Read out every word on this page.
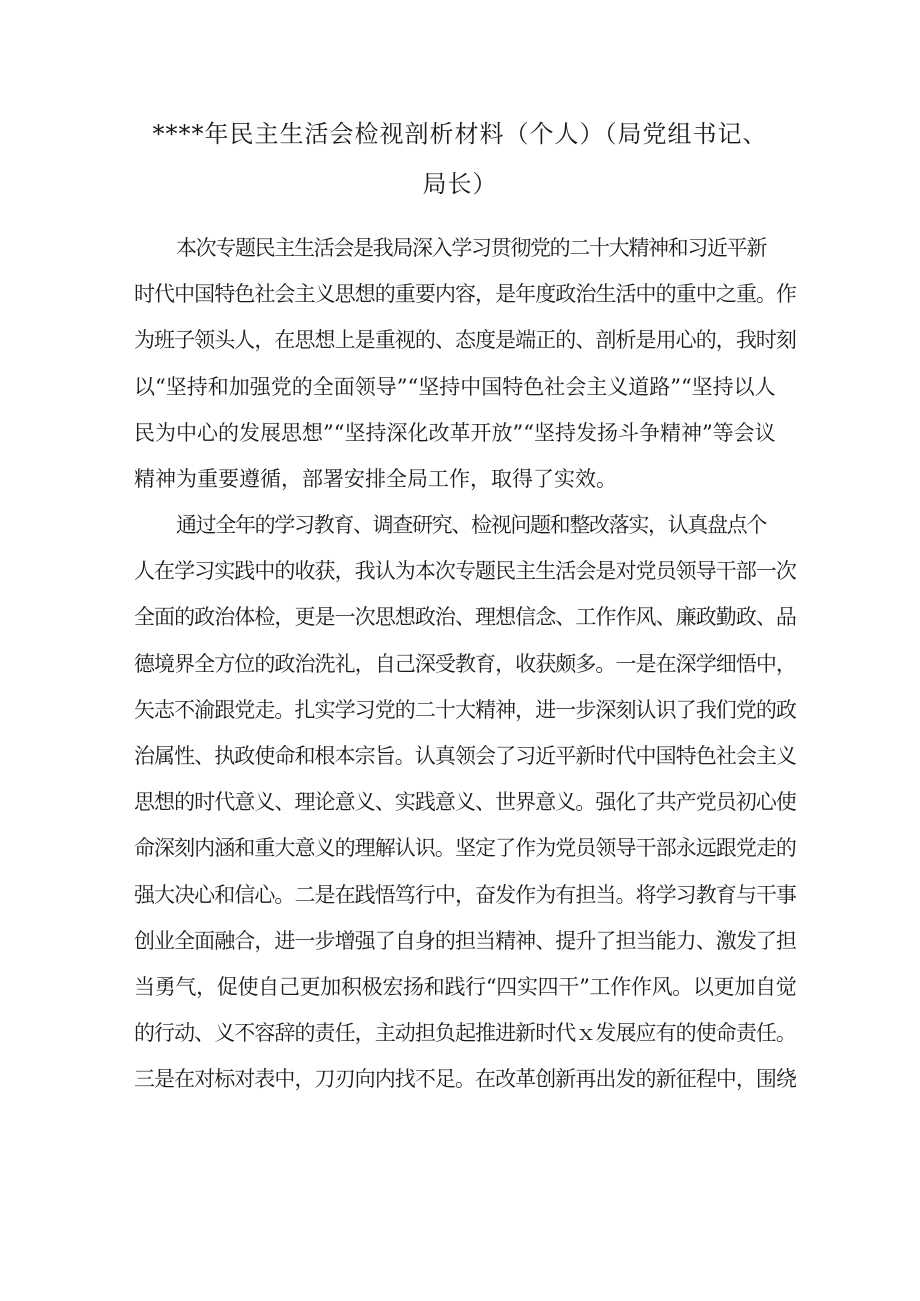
****年民主生活会检视剖析材料（个人）（局党组书记、
局长）
本次专题民主生活会是我局深入学习贯彻党的二十大精神和习近平新
时代中国特色社会主义思想的重要内容，是年度政治生活中的重中之重。作
为班子领头人，在思想上是重视的、态度是端正的、剖析是用心的，我时刻
以“坚持和加强党的全面领导”“坚持中国特色社会主义道路”“坚持以人
民为中心的发展思想”“坚持深化改革开放”“坚持发扬斗争精神”等会议
精神为重要遵循，部署安排全局工作，取得了实效。
通过全年的学习教育、调查研究、检视问题和整改落实，认真盘点个
人在学习实践中的收获，我认为本次专题民主生活会是对党员领导干部一次
全面的政治体检，更是一次思想政治、理想信念、工作作风、廉政勤政、品
德境界全方位的政治洗礼，自己深受教育，收获颇多。一是在深学细悟中，
矢志不渝跟党走。扎实学习党的二十大精神，进一步深刻认识了我们党的政
治属性、执政使命和根本宗旨。认真领会了习近平新时代中国特色社会主义
思想的时代意义、理论意义、实践意义、世界意义。强化了共产党员初心使
命深刻内涵和重大意义的理解认识。坚定了作为党员领导干部永远跟党走的
强大决心和信心。二是在践悟笃行中，奋发作为有担当。将学习教育与干事
创业全面融合，进一步增强了自身的担当精神、提升了担当能力、激发了担
当勇气，促使自己更加积极宏扬和践行“四实四干”工作作风。以更加自觉
的行动、义不容辞的责任，主动担负起推进新时代ｘ发展应有的使命责任。
三是在对标对表中，刀刃向内找不足。在改革创新再出发的新征程中，围绕
